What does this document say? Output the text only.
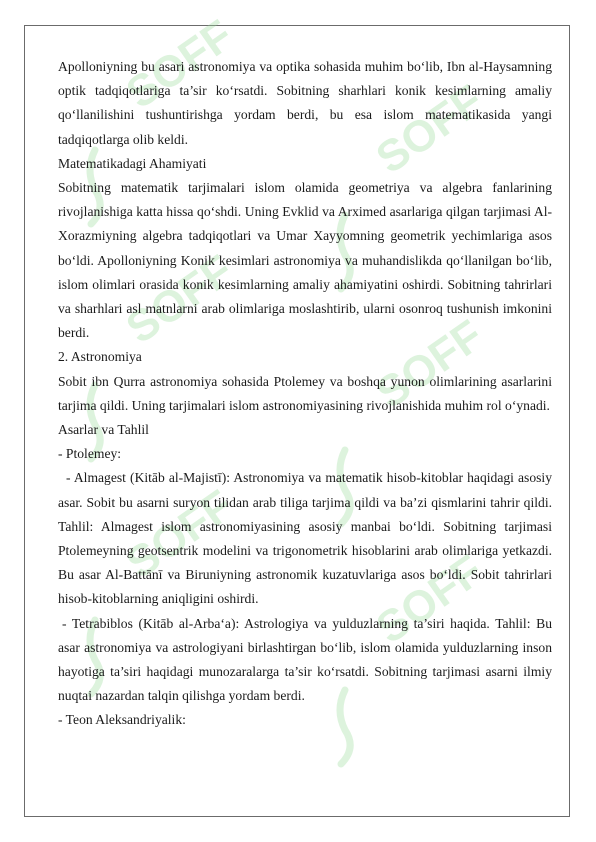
SOFF
SOFF
SOFF
SOFF
SOFF
SOFF

Apolloniyning bu asari astronomiya va optika sohasida muhim bo‘lib, Ibn al-Haysamning optik tadqiqotlariga ta’sir ko‘rsatdi. Sobitning sharhlari konik kesimlarning amaliy qo‘llanilishini tushuntirishga yordam berdi, bu esa islom matematikasida yangi tadqiqotlarga olib keldi.

Matematikadagi Ahamiyati

Sobitning matematik tarjimalari islom olamida geometriya va algebra fanlarining rivojlanishiga katta hissa qo‘shdi. Uning Evklid va Arximed asarlariga qilgan tarjimasi Al-Xorazmiyning algebra tadqiqotlari va Umar Xayyomning geometrik yechimlariga asos bo‘ldi. Apolloniyning Konik kesimlari astronomiya va muhandislikda qo‘llanilgan bo‘lib, islom olimlari orasida konik kesimlarning amaliy ahamiyatini oshirdi. Sobitning tahrirlari va sharhlari asl matnlarni arab olimlariga moslashtirib, ularni osonroq tushunish imkonini berdi.

2. Astronomiya

Sobit ibn Qurra astronomiya sohasida Ptolemey va boshqa yunon olimlarining asarlarini tarjima qildi. Uning tarjimalari islom astronomiyasining rivojlanishida muhim rol o‘ynadi.

Asarlar va Tahlil

- Ptolemey:

- Almagest (Kitāb al-Majistī): Astronomiya va matematik hisob-kitoblar haqidagi asosiy asar. Sobit bu asarni suryon tilidan arab tiliga tarjima qildi va ba’zi qismlarini tahrir qildi. Tahlil: Almagest islom astronomiyasining asosiy manbai bo‘ldi. Sobitning tarjimasi Ptolemeyning geotsentrik modelini va trigonometrik hisoblarini arab olimlariga yetkazdi. Bu asar Al-Battānī va Biruniyning astronomik kuzatuvlariga asos bo‘ldi. Sobit tahrirlari hisob-kitoblarning aniqligini oshirdi.

- Tetrabiblos (Kitāb al-Arba‘a): Astrologiya va yulduzlarning ta’siri haqida. Tahlil: Bu asar astronomiya va astrologiyani birlashtirgan bo‘lib, islom olamida yulduzlarning inson hayotiga ta’siri haqidagi munozaralarga ta’sir ko‘rsatdi. Sobitning tarjimasi asarni ilmiy nuqtai nazardan talqin qilishga yordam berdi.

- Teon Aleksandriyalik:
